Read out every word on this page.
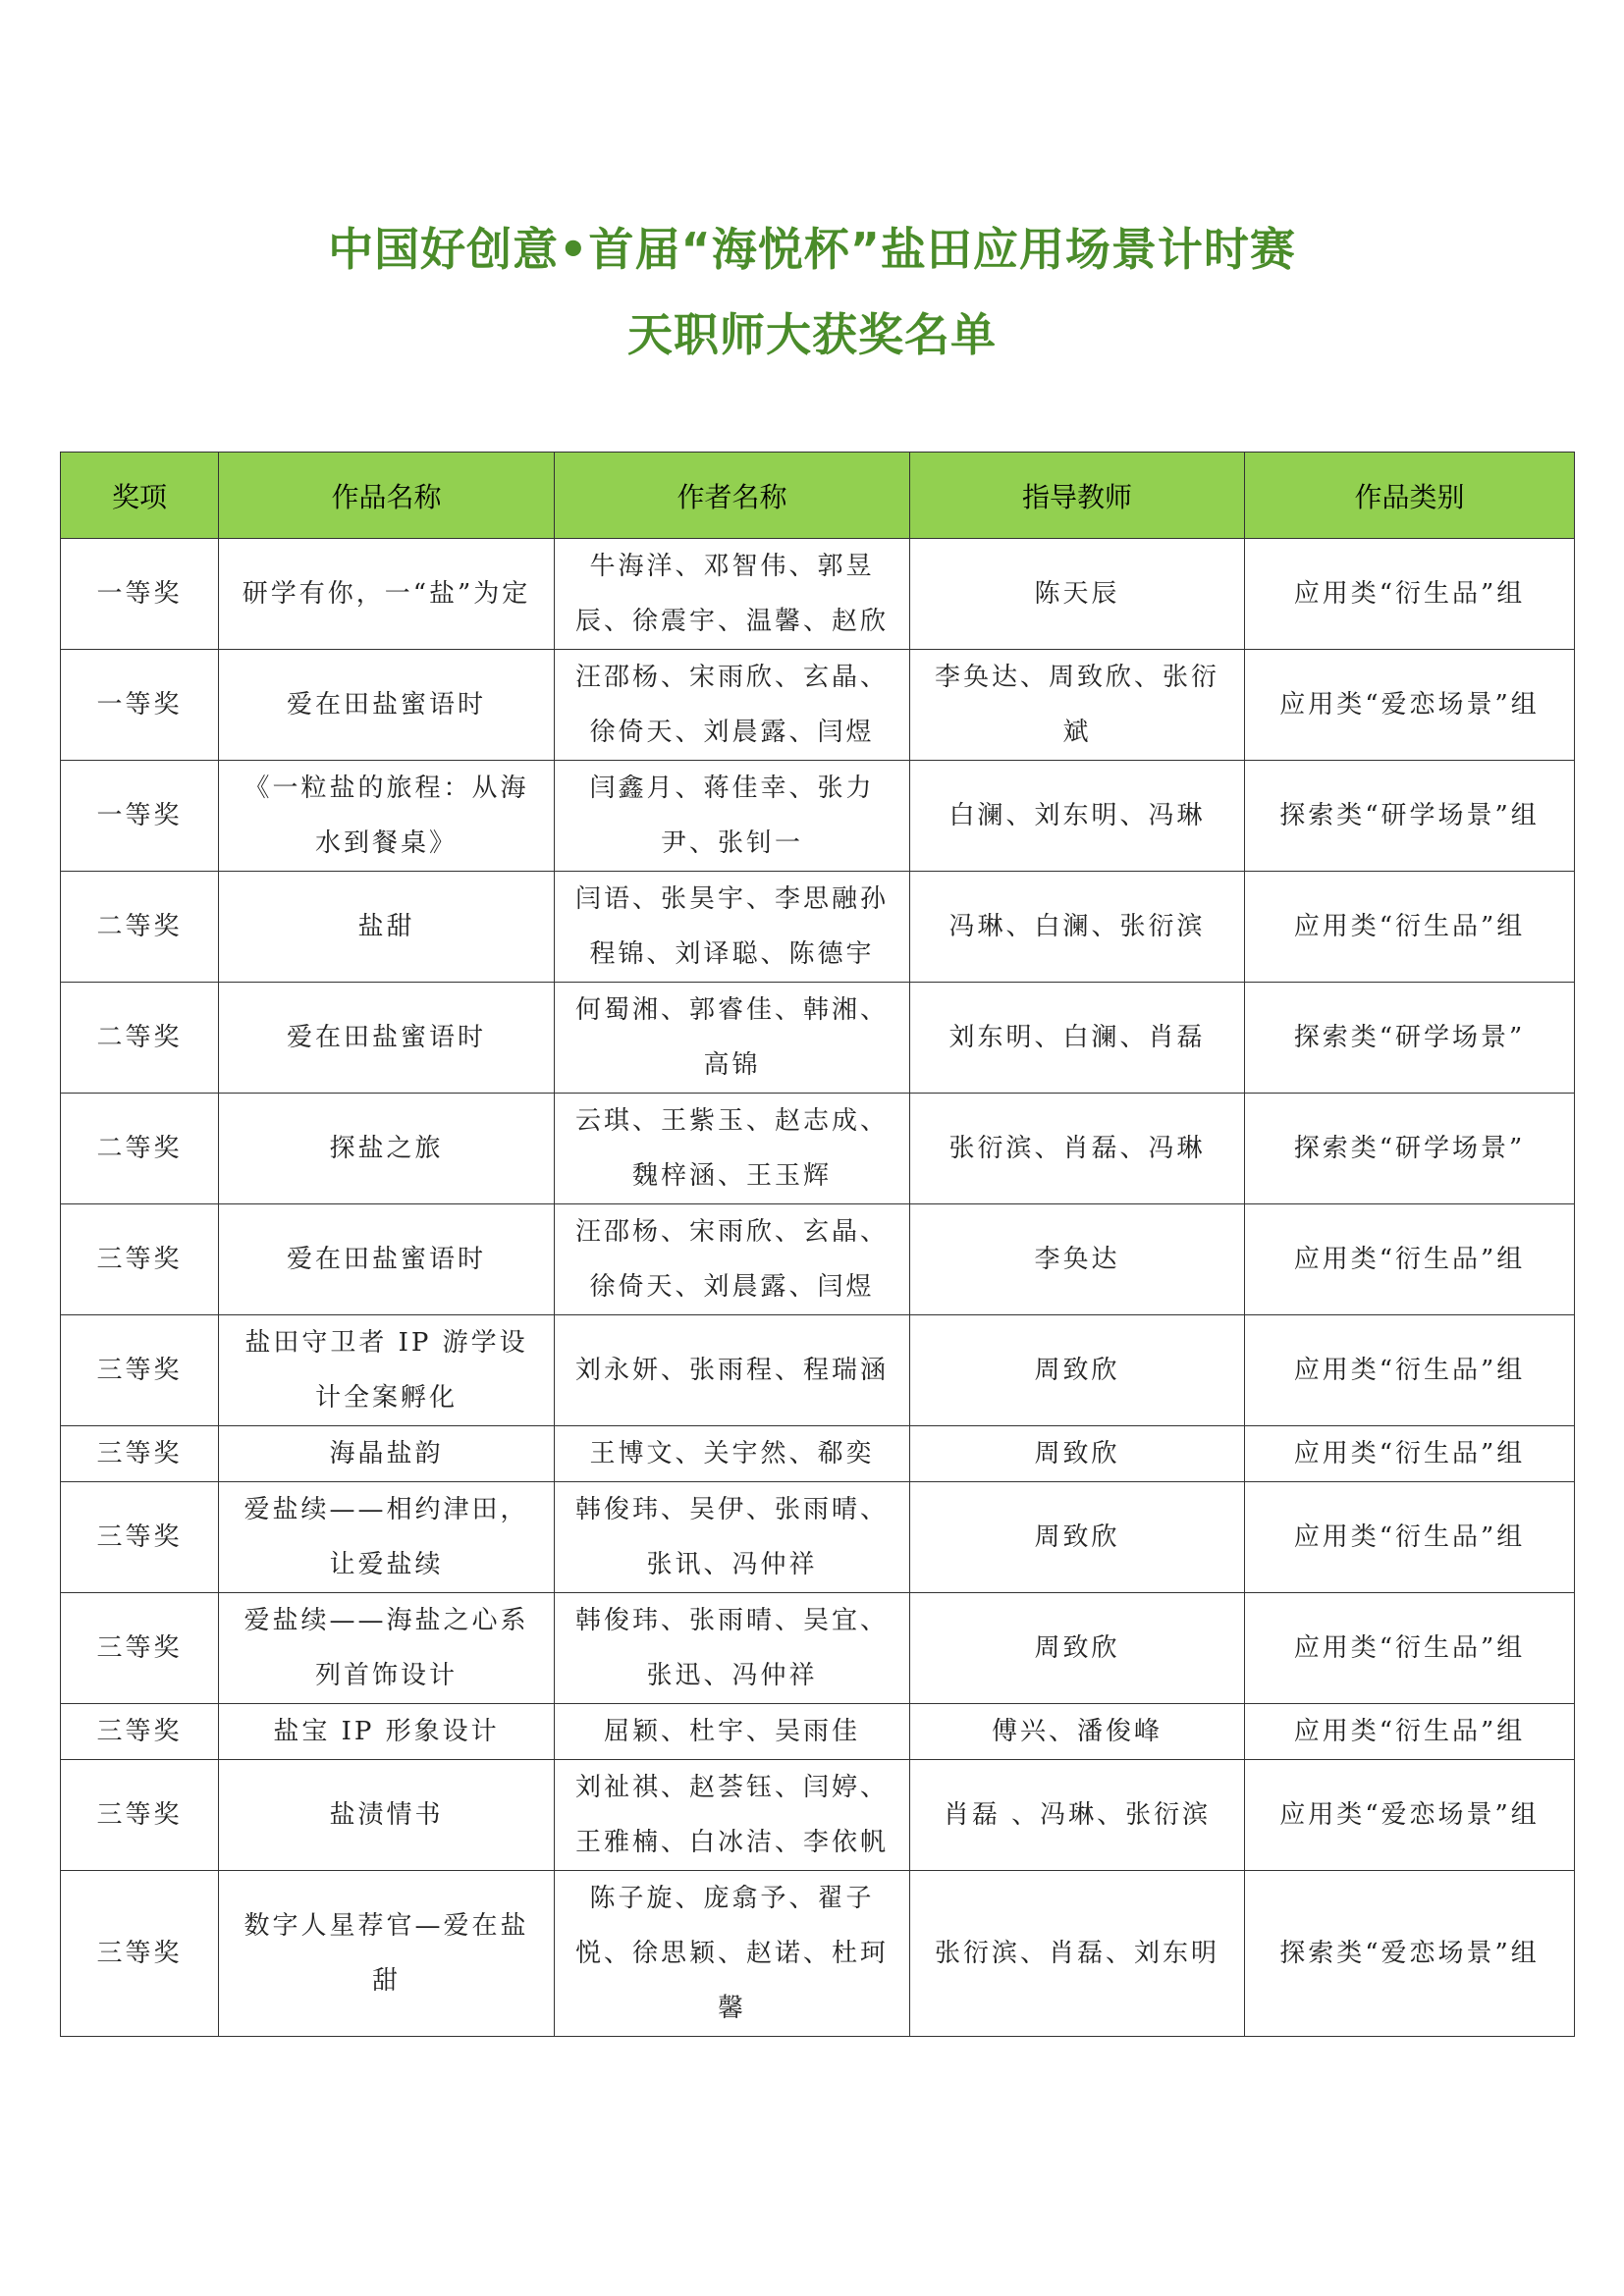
中国好创意•首届“海悦杯”盐田应用场景计时赛
天职师大获奖名单
奖项	作品名称	作者名称	指导教师	作品类别
一等奖	研学有你，一“盐”为定	牛海洋、邓智伟、郭昱辰、徐震宇、温馨、赵欣	陈天辰	应用类“衍生品”组
一等奖	爱在田盐蜜语时	汪邵杨、宋雨欣、玄晶、徐倚天、刘晨露、闫煜	李奂达、周致欣、张衍斌	应用类“爱恋场景”组
一等奖	《一粒盐的旅程：从海水到餐桌》	闫鑫月、蒋佳幸、张力尹、张钊一	白澜、刘东明、冯琳	探索类“研学场景”组
二等奖	盐甜	闫语、张昊宇、李思融孙程锦、刘译聪、陈德宇	冯琳、白澜、张衍滨	应用类“衍生品”组
二等奖	爱在田盐蜜语时	何蜀湘、郭睿佳、韩湘、高锦	刘东明、白澜、肖磊	探索类“研学场景”
二等奖	探盐之旅	云琪、王紫玉、赵志成、魏梓涵、王玉辉	张衍滨、肖磊、冯琳	探索类“研学场景”
三等奖	爱在田盐蜜语时	汪邵杨、宋雨欣、玄晶、徐倚天、刘晨露、闫煜	李奂达	应用类“衍生品”组
三等奖	盐田守卫者 IP 游学设计全案孵化	刘永妍、张雨程、程瑞涵	周致欣	应用类“衍生品”组
三等奖	海晶盐韵	王博文、关宇然、郗奕	周致欣	应用类“衍生品”组
三等奖	爱盐续——相约津田，让爱盐续	韩俊玮、吴伊、张雨晴、张讯、冯仲祥	周致欣	应用类“衍生品”组
三等奖	爱盐续——海盐之心系列首饰设计	韩俊玮、张雨晴、吴宜、张迅、冯仲祥	周致欣	应用类“衍生品”组
三等奖	盐宝 IP 形象设计	屈颖、杜宇、吴雨佳	傅兴、潘俊峰	应用类“衍生品”组
三等奖	盐渍情书	刘祉祺、赵荟钰、闫婷、王雅楠、白冰洁、李依帆	肖磊 、冯琳、张衍滨	应用类“爱恋场景”组
三等奖	数字人星荐官—爱在盐甜	陈子旋、庞翕予、翟子悦、徐思颖、赵诺、杜珂馨	张衍滨、肖磊、刘东明	探索类“爱恋场景”组
